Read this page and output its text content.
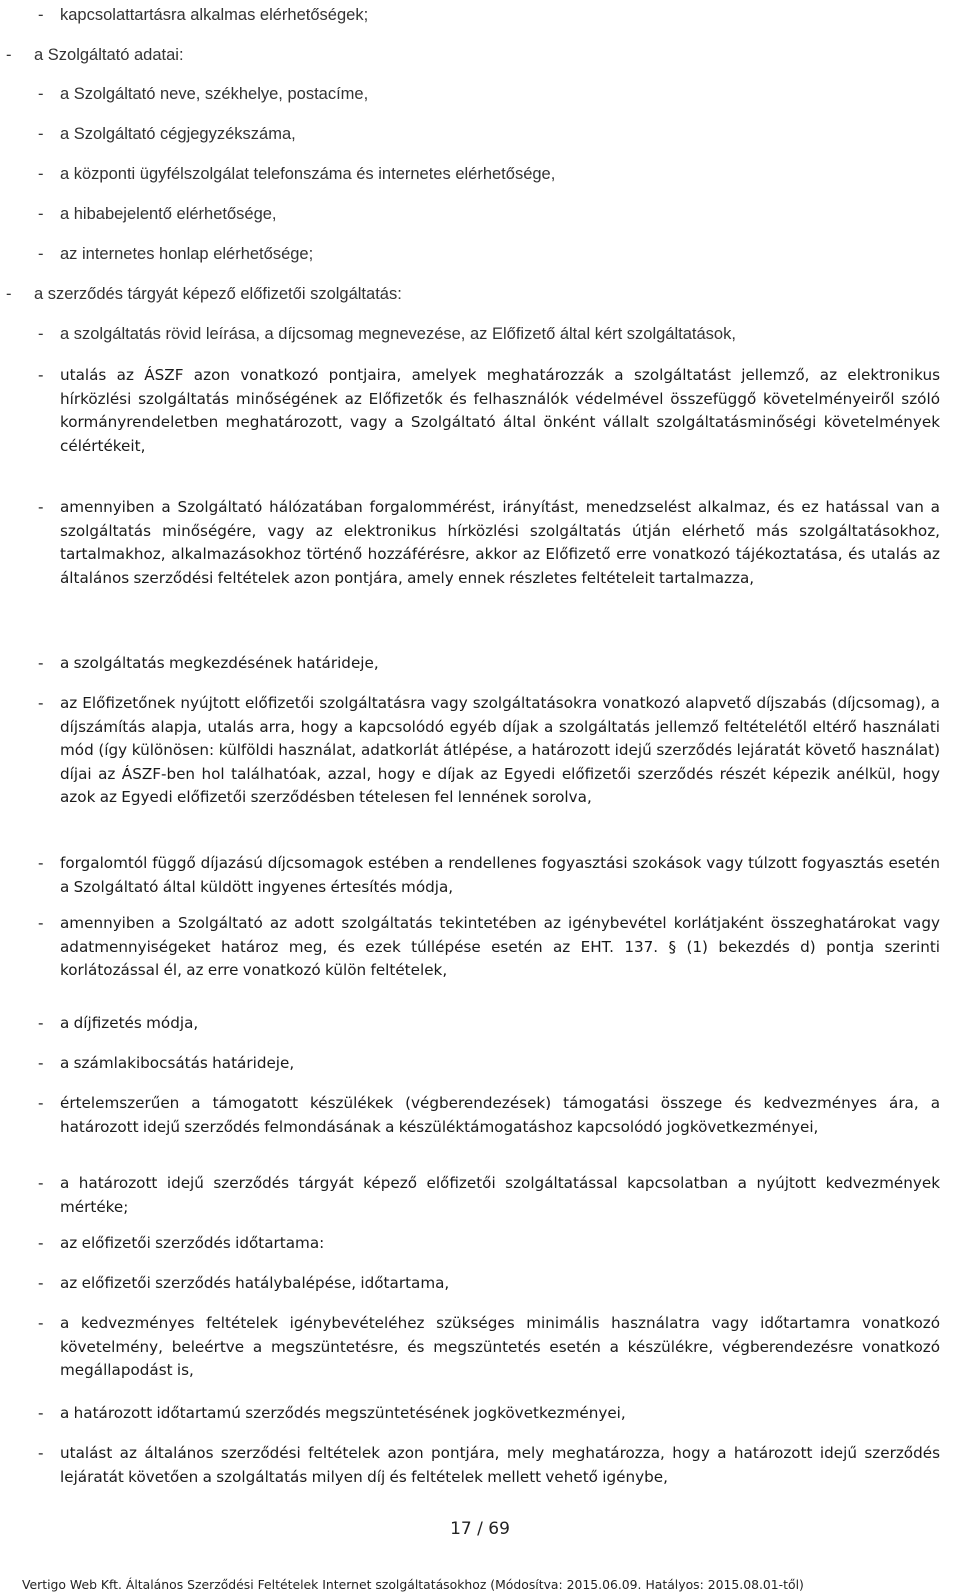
- kapcsolattartásra alkalmas elérhetőségek;
- a Szolgáltató adatai:
- a Szolgáltató neve, székhelye, postacíme,
- a Szolgáltató cégjegyzékszáma,
- a központi ügyfélszolgálat telefonszáma és internetes elérhetősége,
- a hibabejelentő elérhetősége,
- az internetes honlap elérhetősége;
- a szerződés tárgyát képező előfizetői szolgáltatás:
- a szolgáltatás rövid leírása, a díjcsomag megnevezése, az Előfizető által kért szolgáltatások,
- utalás az ÁSZF azon vonatkozó pontjaira, amelyek meghatározzák a szolgáltatást jellemző, az elektronikus hírközlési szolgáltatás minőségének az Előfizetők és felhasználók védelmével összefüggő követelményeiről szóló kormányrendeletben meghatározott, vagy a Szolgáltató által önként vállalt szolgáltatásminőségi követelmények célértékeit,
- amennyiben a Szolgáltató hálózatában forgalommérést, irányítást, menedzselést alkalmaz, és ez hatással van a szolgáltatás minőségére, vagy az elektronikus hírközlési szolgáltatás útján elérhető más szolgáltatásokhoz, tartalmakhoz, alkalmazásokhoz történő hozzáférésre, akkor az Előfizető erre vonatkozó tájékoztatása, és utalás az általános szerződési feltételek azon pontjára, amely ennek részletes feltételeit tartalmazza,
- a szolgáltatás megkezdésének határideje,
- az Előfizetőnek nyújtott előfizetői szolgáltatásra vagy szolgáltatásokra vonatkozó alapvető díjszabás (díjcsomag), a díjszámítás alapja, utalás arra, hogy a kapcsolódó egyéb díjak a szolgáltatás jellemző feltételétől eltérő használati mód (így különösen: külföldi használat, adatkorlát átlépése, a határozott idejű szerződés lejáratát követő használat) díjai az ÁSZF-ben hol találhatóak, azzal, hogy e díjak az Egyedi előfizetői szerződés részét képezik anélkül, hogy azok az Egyedi előfizetői szerződésben tételesen fel lennének sorolva,
- forgalomtól függő díjazású díjcsomagok estében a rendellenes fogyasztási szokások vagy túlzott fogyasztás esetén a Szolgáltató által küldött ingyenes értesítés módja,
- amennyiben a Szolgáltató az adott szolgáltatás tekintetében az igénybevétel korlátjaként összeghatárokat vagy adatmennyiségeket határoz meg, és ezek túllépése esetén az EHT. 137. § (1) bekezdés d) pontja szerinti korlátozással él, az erre vonatkozó külön feltételek,
- a díjfizetés módja,
- a számlakibocsátás határideje,
- értelemszerűen a támogatott készülékek (végberendezések) támogatási összege és kedvezményes ára, a határozott idejű szerződés felmondásának a készüléktámogatáshoz kapcsolódó jogkövetkezményei,
- a határozott idejű szerződés tárgyát képező előfizetői szolgáltatással kapcsolatban a nyújtott kedvezmények mértéke;
- az előfizetői szerződés időtartama:
- az előfizetői szerződés hatálybalépése, időtartama,
- a kedvezményes feltételek igénybevételéhez szükséges minimális használatra vagy időtartamra vonatkozó követelmény, beleértve a megszüntetésre, és megszüntetés esetén a készülékre, végberendezésre vonatkozó megállapodást is,
- a határozott időtartamú szerződés megszüntetésének jogkövetkezményei,
- utalást az általános szerződési feltételek azon pontjára, mely meghatározza, hogy a határozott idejű szerződés lejáratát követően a szolgáltatás milyen díj és feltételek mellett vehető igénybe,
17 / 69
Vertigo Web Kft. Általános Szerződési Feltételek Internet szolgáltatásokhoz (Módosítva: 2015.06.09. Hatályos: 2015.08.01-től)
